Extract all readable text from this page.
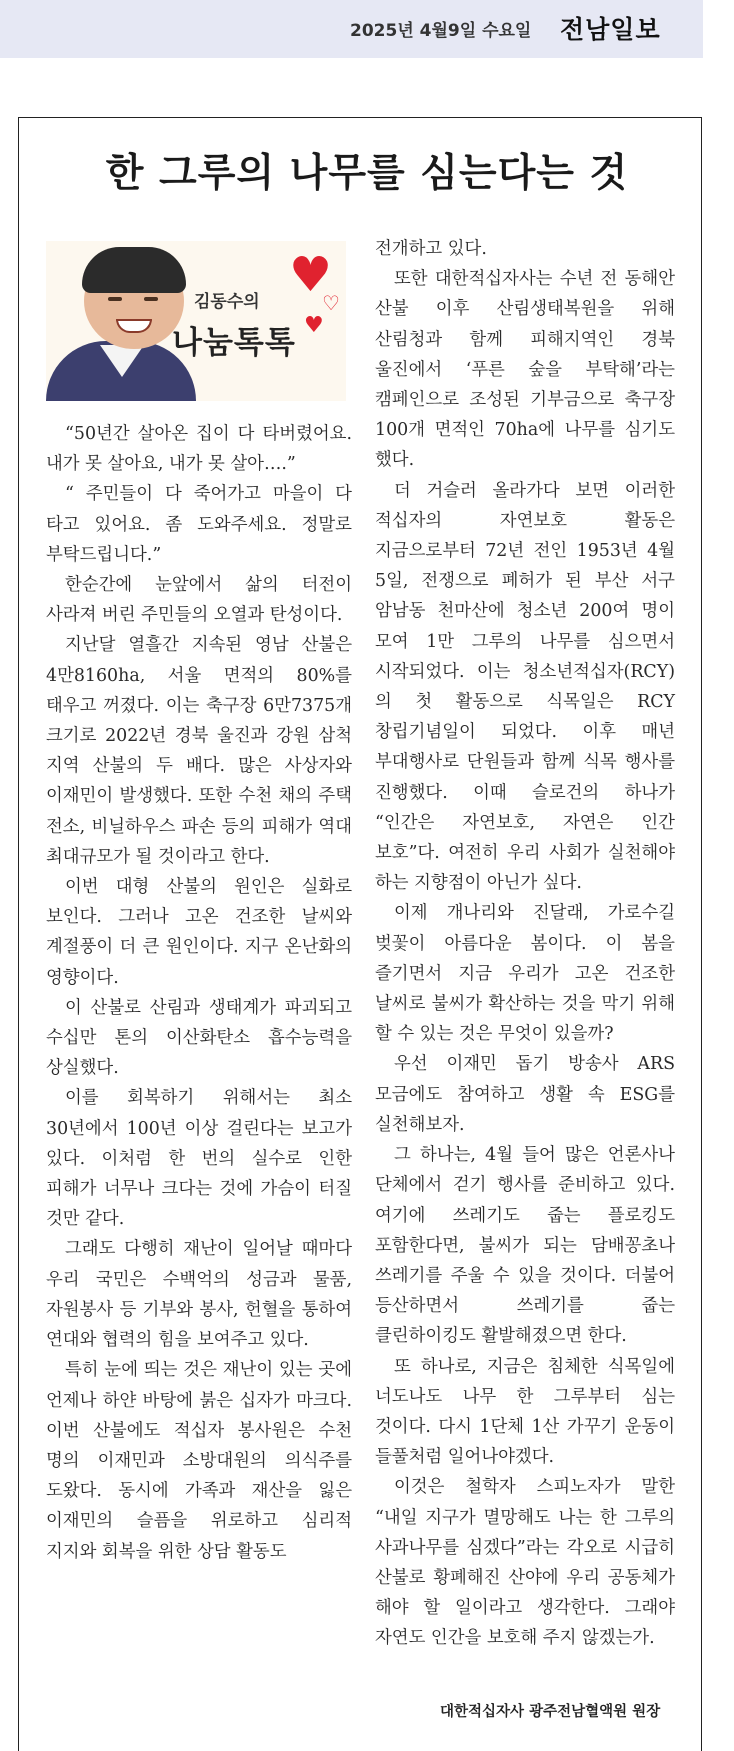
2025년 4월9일 수요일 전남일보
한 그루의 나무를 심는다는 것
♥
♡
♥
김동수의
나눔톡톡

“50년간 살아온 집이 다 타버렸어요. 내가 못 살아요, 내가 못 살아….”

“ 주민들이 다 죽어가고 마을이 다 타고 있어요. 좀 도와주세요. 정말로 부탁드립니다.”

한순간에 눈앞에서 삶의 터전이 사라져 버린 주민들의 오열과 탄성이다.

지난달 열흘간 지속된 영남 산불은 4만8160ha, 서울 면적의 80%를 태우고 꺼졌다. 이는 축구장 6만7375개 크기로 2022년 경북 울진과 강원 삼척 지역 산불의 두 배다. 많은 사상자와 이재민이 발생했다. 또한 수천 채의 주택 전소, 비닐하우스 파손 등의 피해가 역대 최대규모가 될 것이라고 한다.

이번 대형 산불의 원인은 실화로 보인다. 그러나 고온 건조한 날씨와 계절풍이 더 큰 원인이다. 지구 온난화의 영향이다.

이 산불로 산림과 생태계가 파괴되고 수십만 톤의 이산화탄소 흡수능력을 상실했다.

이를 회복하기 위해서는 최소 30년에서 100년 이상 걸린다는 보고가 있다. 이처럼 한 번의 실수로 인한 피해가 너무나 크다는 것에 가슴이 터질 것만 같다.

그래도 다행히 재난이 일어날 때마다 우리 국민은 수백억의 성금과 물품, 자원봉사 등 기부와 봉사, 헌혈을 통하여 연대와 협력의 힘을 보여주고 있다.

특히 눈에 띄는 것은 재난이 있는 곳에 언제나 하얀 바탕에 붉은 십자가 마크다. 이번 산불에도 적십자 봉사원은 수천 명의 이재민과 소방대원의 의식주를 도왔다. 동시에 가족과 재산을 잃은 이재민의 슬픔을 위로하고 심리적 지지와 회복을 위한 상담 활동도

전개하고 있다.

또한 대한적십자사는 수년 전 동해안 산불 이후 산림생태복원을 위해 산림청과 함께 피해지역인 경북 울진에서 ‘푸른 숲을 부탁해’라는 캠페인으로 조성된 기부금으로 축구장 100개 면적인 70ha에 나무를 심기도 했다.

더 거슬러 올라가다 보면 이러한 적십자의 자연보호 활동은 지금으로부터 72년 전인 1953년 4월 5일, 전쟁으로 폐허가 된 부산 서구 암남동 천마산에 청소년 200여 명이 모여 1만 그루의 나무를 심으면서 시작되었다. 이는 청소년적십자(RCY)의 첫 활동으로 식목일은 RCY 창립기념일이 되었다. 이후 매년 부대행사로 단원들과 함께 식목 행사를 진행했다. 이때 슬로건의 하나가 “인간은 자연보호, 자연은 인간 보호”다. 여전히 우리 사회가 실천해야 하는 지향점이 아닌가 싶다.

이제 개나리와 진달래, 가로수길 벚꽃이 아름다운 봄이다. 이 봄을 즐기면서 지금 우리가 고온 건조한 날씨로 불씨가 확산하는 것을 막기 위해 할 수 있는 것은 무엇이 있을까?

우선 이재민 돕기 방송사 ARS 모금에도 참여하고 생활 속 ESG를 실천해보자.

그 하나는, 4월 들어 많은 언론사나 단체에서 걷기 행사를 준비하고 있다. 여기에 쓰레기도 줍는 플로킹도 포함한다면, 불씨가 되는 담배꽁초나 쓰레기를 주울 수 있을 것이다. 더불어 등산하면서 쓰레기를 줍는 클린하이킹도 활발해졌으면 한다.

또 하나로, 지금은 침체한 식목일에 너도나도 나무 한 그루부터 심는 것이다. 다시 1단체 1산 가꾸기 운동이 들풀처럼 일어나야겠다.

이것은 철학자 스피노자가 말한 “내일 지구가 멸망해도 나는 한 그루의 사과나무를 심겠다”라는 각오로 시급히 산불로 황폐해진 산야에 우리 공동체가 해야 할 일이라고 생각한다. 그래야 자연도 인간을 보호해 주지 않겠는가.

대한적십자사 광주전남혈액원 원장
